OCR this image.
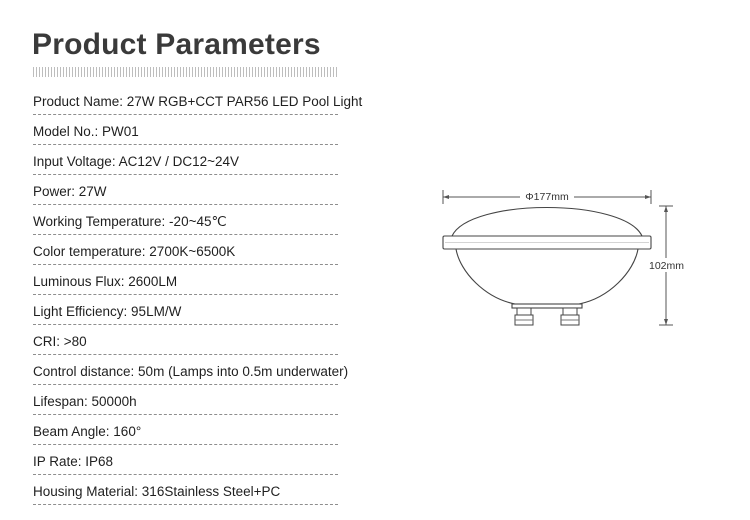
Product Parameters
Product Name: 27W RGB+CCT PAR56 LED Pool Light
Model No.: PW01
Input Voltage: AC12V / DC12~24V
Power: 27W
Working Temperature: -20~45℃
Color temperature: 2700K~6500K
Luminous Flux: 2600LM
Light Efficiency: 95LM/W
CRI: >80
Control distance: 50m (Lamps into 0.5m underwater)
Lifespan: 50000h
Beam Angle: 160°
IP Rate: IP68
Housing Material: 316Stainless Steel+PC
Φ177mm
102mm
